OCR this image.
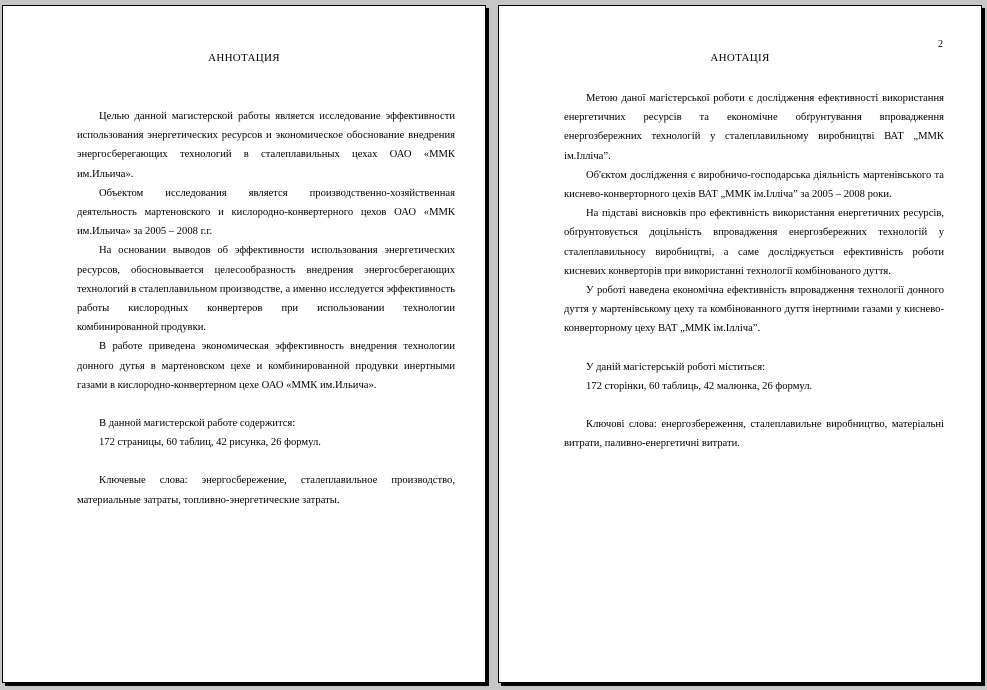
АННОТАЦИЯ

Целью данной магистерской работы является исследование эффективности использования энергетических ресурсов и экономическое обоснование внедрения энергосберегающих технологий в сталеплавильных цехах ОАО «ММК им.Ильича».

Объектом исследования является производственно-хозяйственная деятельность мартеновского и кислородно-конвертерного цехов ОАО «ММК им.Ильича» за 2005 – 2008 г.г.

На основании выводов об эффективности использования энергетических ресурсов, обосновывается целесообразность внедрения энергосберегающих технологий в сталеплавильном производстве, а именно исследуется эффективность работы кислородных конвертеров при использовании технологии комбинированной продувки.

В работе приведена экономическая эффективность внедрения технологии донного дутья в мартеновском цехе и комбинированной продувки инертными газами в кислородно-конвертерном цехе ОАО «ММК им.Ильича».

В данной магистерской работе содержится:

172 страницы, 60 таблиц, 42 рисунка, 26 формул.

Ключевые слова: энергосбережение, сталеплавильное производство, материальные затраты, топливно-энергетические затраты.

2
АНОТАЦІЯ

Метою даної магістерської роботи є дослідження ефективності використання енергетичних ресурсів та економічне обґрунтування впровадження енергозбережних технологій у сталеплавильному виробництві ВАТ „ММК ім.Ілліча”.

Об'єктом дослідження є виробничо-господарська діяльність мартенівського та киснево-конверторного цехів ВАТ „ММК ім.Ілліча” за 2005 – 2008 роки.

На підставі висновків про ефективність використання енергетичних ресурсів, обґрунтовується доцільність впровадження енергозбережних технологій у сталеплавильносу виробництві, а саме досліджується ефективність роботи кисневих конверторів при використанні технології комбінованого дуття.

У роботі наведена економічна ефективність впровадження технології донного дуття у мартенівському цеху та комбінованного дуття інертними газами у киснево-конверторному цеху ВАТ „ММК ім.Ілліча”.

У даній магістерській роботі міститься:

172 сторінки, 60 таблиць, 42 малюнка, 26 формул.

Ключові слова: енергозбереження, сталеплавильне виробництво, матеріальні витрати, паливно-енергетичні витрати.
